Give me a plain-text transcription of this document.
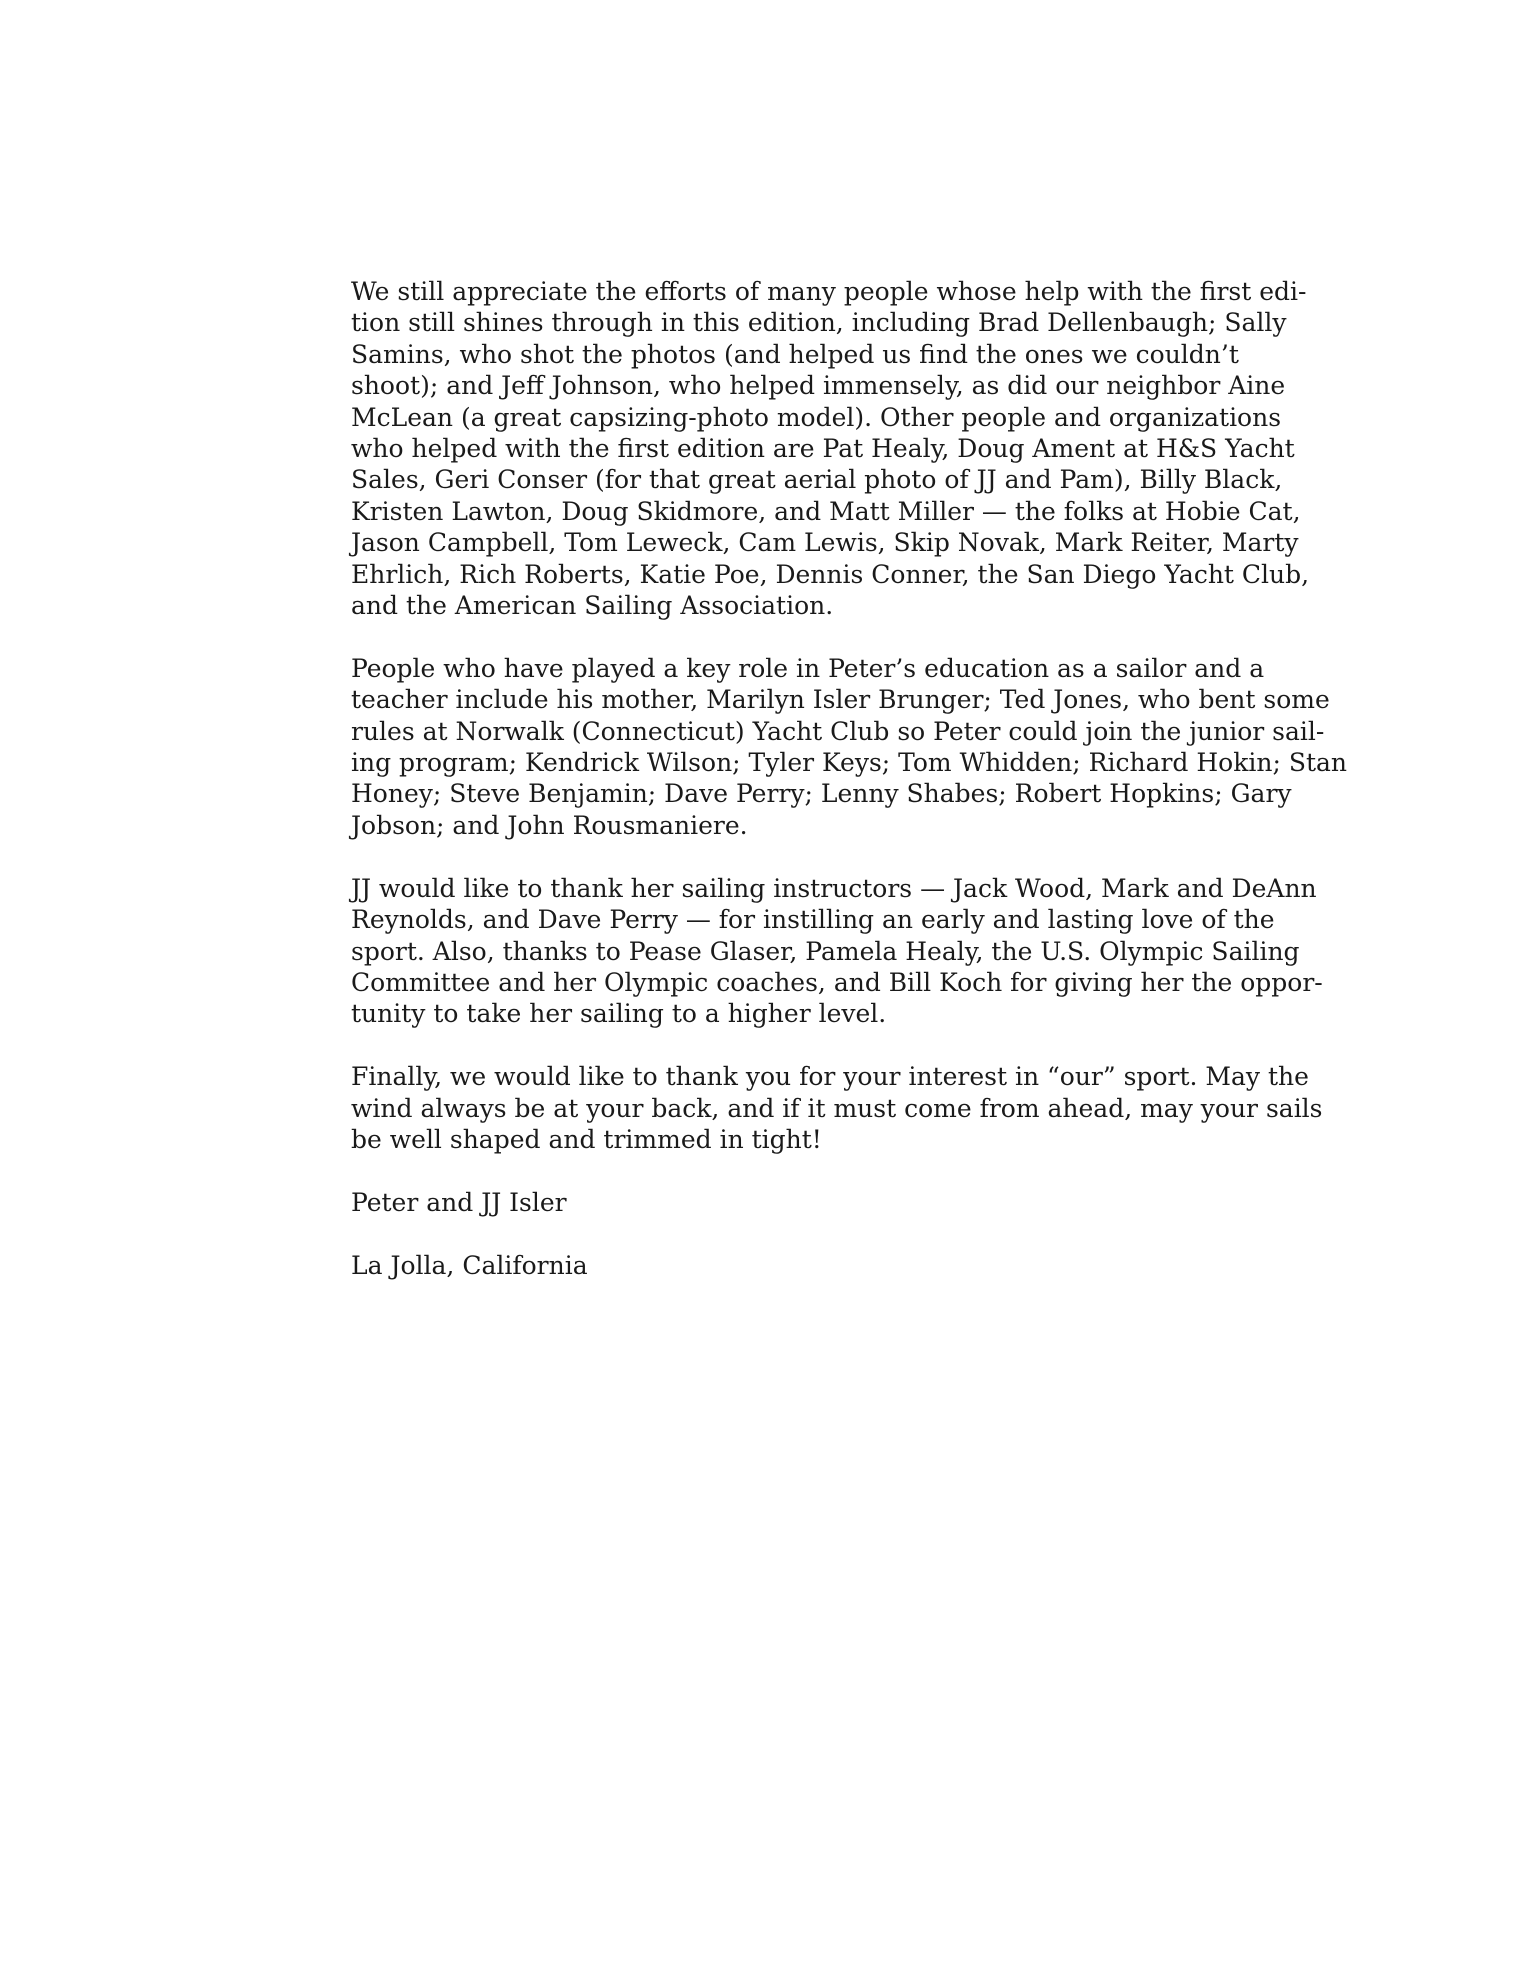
We still appreciate the efforts of many people whose help with the first edi-
tion still shines through in this edition, including Brad Dellenbaugh; Sally
Samins, who shot the photos (and helped us find the ones we couldn’t
shoot); and Jeff Johnson, who helped immensely, as did our neighbor Aine
McLean (a great capsizing-photo model). Other people and organizations
who helped with the first edition are Pat Healy, Doug Ament at H&S Yacht
Sales, Geri Conser (for that great aerial photo of JJ and Pam), Billy Black,
Kristen Lawton, Doug Skidmore, and Matt Miller — the folks at Hobie Cat,
Jason Campbell, Tom Leweck, Cam Lewis, Skip Novak, Mark Reiter, Marty
Ehrlich, Rich Roberts, Katie Poe, Dennis Conner, the San Diego Yacht Club,
and the American Sailing Association.

People who have played a key role in Peter’s education as a sailor and a
teacher include his mother, Marilyn Isler Brunger; Ted Jones, who bent some
rules at Norwalk (Connecticut) Yacht Club so Peter could join the junior sail-
ing program; Kendrick Wilson; Tyler Keys; Tom Whidden; Richard Hokin; Stan
Honey; Steve Benjamin; Dave Perry; Lenny Shabes; Robert Hopkins; Gary
Jobson; and John Rousmaniere.

JJ would like to thank her sailing instructors — Jack Wood, Mark and DeAnn
Reynolds, and Dave Perry — for instilling an early and lasting love of the
sport. Also, thanks to Pease Glaser, Pamela Healy, the U.S. Olympic Sailing
Committee and her Olympic coaches, and Bill Koch for giving her the oppor-
tunity to take her sailing to a higher level.

Finally, we would like to thank you for your interest in “our” sport. May the
wind always be at your back, and if it must come from ahead, may your sails
be well shaped and trimmed in tight!

Peter and JJ Isler

La Jolla, California
